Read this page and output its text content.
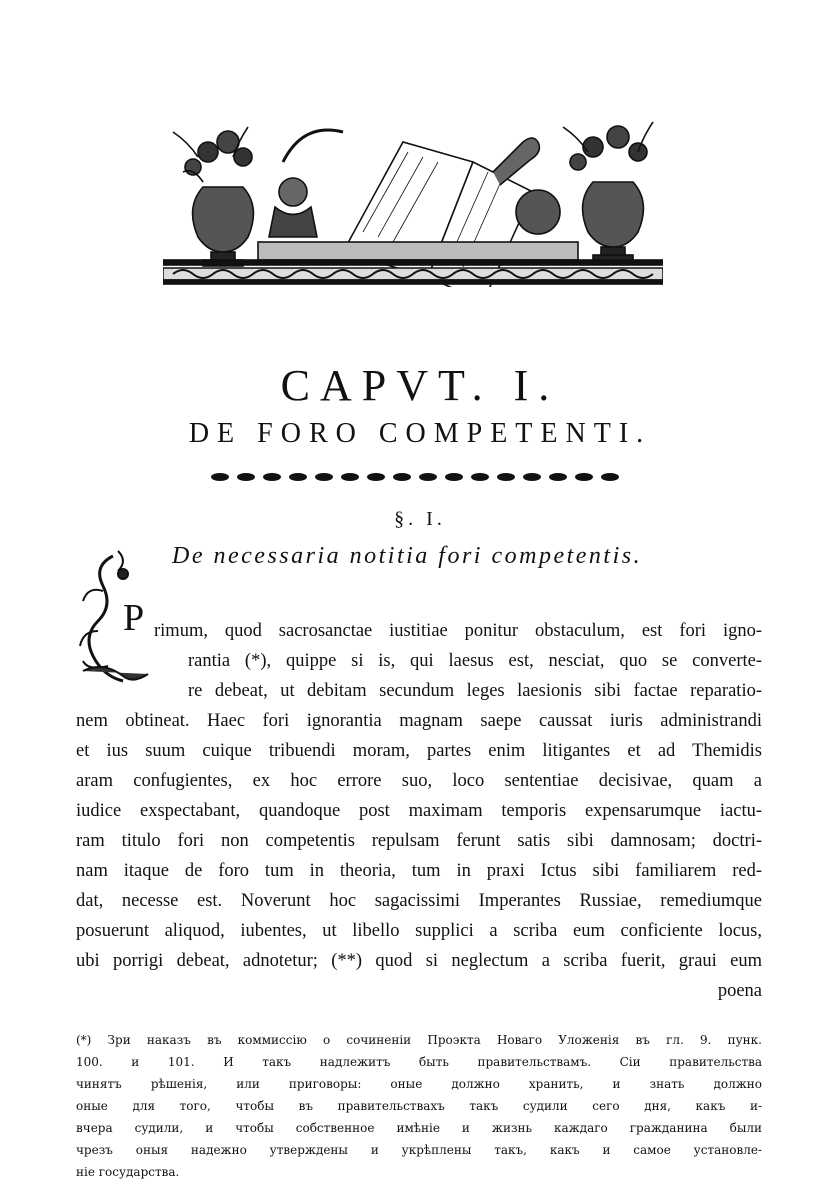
CAPVT. I.
DE FORO COMPETENTI.
§. I.
De necessaria notitia fori competentis.
P rimum, quod sacrosanctae iustitiae ponitur obstaculum, est fori igno-
rantia (*), quippe si is, qui laesus est, nesciat, quo se converte-
re debeat, ut debitam secundum leges laesionis sibi factae reparatio-
nem obtineat. Haec fori ignorantia magnam saepe caussat iuris administrandi
et ius suum cuique tribuendi moram, partes enim litigantes et ad Themidis
aram confugientes, ex hoc errore suo, loco sententiae decisivae, quam a
iudice exspectabant, quandoque post maximam temporis expensarumque iactu-
ram titulo fori non competentis repulsam ferunt satis sibi damnosam; doctri-
nam itaque de foro tum in theoria, tum in praxi Ictus sibi familiarem red-
dat, necesse est. Noverunt hoc sagacissimi Imperantes Russiae, remediumque
posuerunt aliquod, iubentes, ut libello supplici a scriba eum conficiente locus,
ubi porrigi debeat, adnotetur; (**) quod si neglectum a scriba fuerit, graui eum
poena
(*) Зри наказъ въ коммиссію о сочиненіи Проэкта Новаго Уложенія въ гл. 9. пунк.
100. и 101. И такъ надлежитъ быть правительствамъ. Сіи правительства
чинятъ рѣшенія, или приговоры: оные должно хранить, и знать должно
оные для того, чтобы въ правительствахъ такъ судили сего дня, какъ и-
вчера судили, и чтобы собственное имѣніе и жизнь каждаго гражданина были
чрезъ оныя надежно утверждены и укрѣплены такъ, какъ и самое установле-
ніе государства.
